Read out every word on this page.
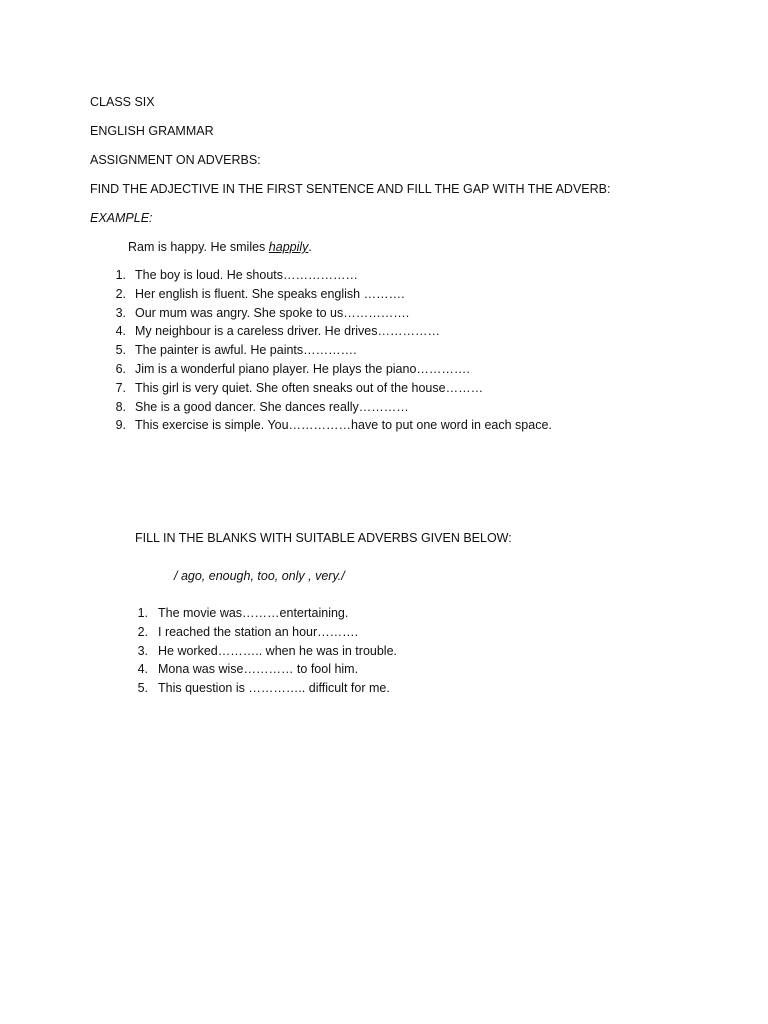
CLASS SIX
ENGLISH GRAMMAR
ASSIGNMENT ON ADVERBS:
FIND THE ADJECTIVE IN THE FIRST SENTENCE AND FILL THE GAP WITH THE ADVERB:
EXAMPLE:
Ram is happy. He smiles happily.
1. The boy is loud. He shouts………………
2. Her english is fluent. She speaks english ……….
3. Our mum was angry. She spoke to us…………….
4. My neighbour is a careless driver. He drives……………
5. The painter is awful. He paints………….
6. Jim is a wonderful piano player. He plays the piano………….
7. This girl is very quiet. She often sneaks out of the house………
8. She is a good dancer. She dances really…………
9. This exercise is simple. You……………have to put one word in each space.
FILL IN THE BLANKS WITH SUITABLE ADVERBS GIVEN BELOW:
/ ago, enough, too, only , very./
1. The movie was………entertaining.
2. I reached the station an hour……….
3. He worked……….. when he was in trouble.
4. Mona was wise………… to fool him.
5. This question is ………….. difficult for me.
